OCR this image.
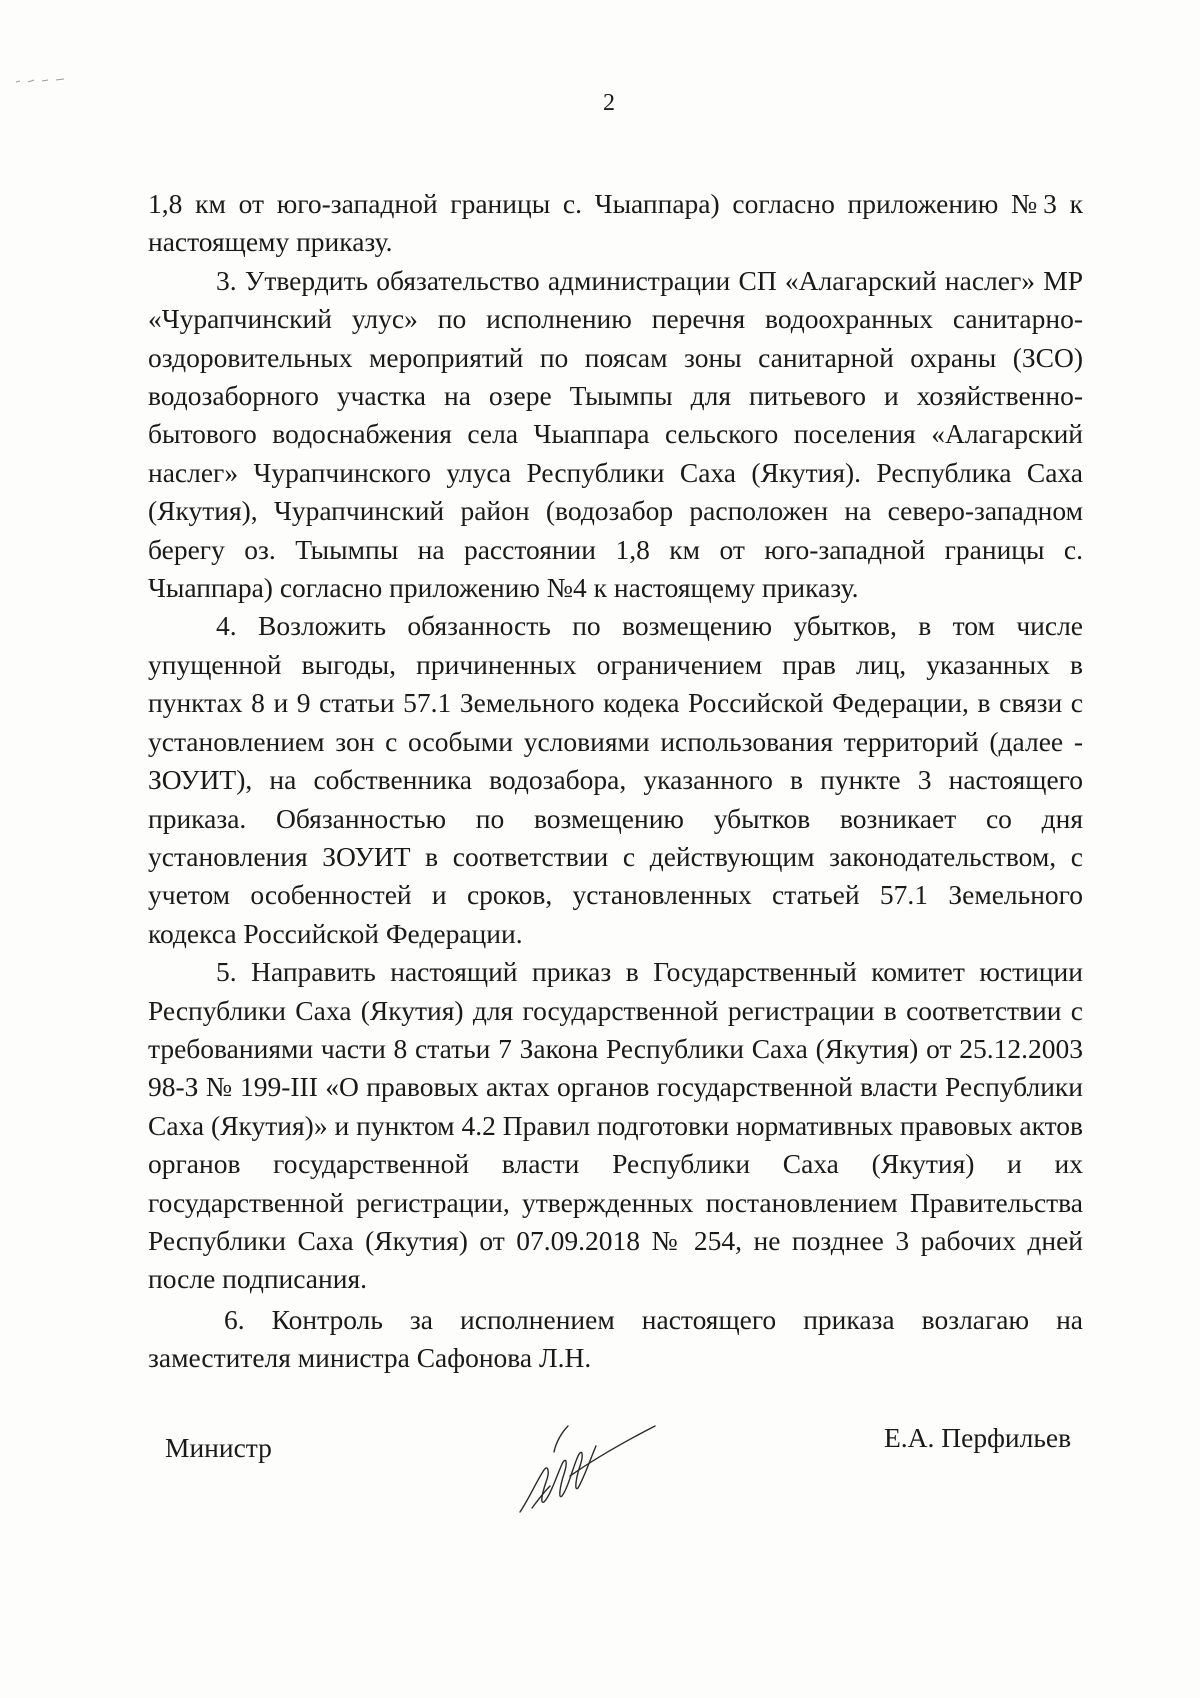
2

1,8 км от юго-западной границы с. Чыаппара) согласно приложению №3 к настоящему приказу.

3. Утвердить обязательство администрации СП «Алагарский наслег» МР «Чурапчинский улус» по исполнению перечня водоохранных санитарно-оздоровительных мероприятий по поясам зоны санитарной охраны (ЗСО) водозаборного участка на озере Тыымпы для питьевого и хозяйственно-бытового водоснабжения села Чыаппара сельского поселения «Алагарский наслег» Чурапчинского улуса Республики Саха (Якутия). Республика Саха (Якутия), Чурапчинский район (водозабор расположен на северо-западном берегу оз. Тыымпы на расстоянии 1,8 км от юго-западной границы с. Чыаппара) согласно приложению №4 к настоящему приказу.

4. Возложить обязанность по возмещению убытков, в том числе упущенной выгоды, причиненных ограничением прав лиц, указанных в пунктах 8 и 9 статьи 57.1 Земельного кодека Российской Федерации, в связи с установлением зон с особыми условиями использования территорий (далее - ЗОУИТ), на собственника водозабора, указанного в пункте 3 настоящего приказа. Обязанностью по возмещению убытков возникает со дня установления ЗОУИТ в соответствии с действующим законодательством, с учетом особенностей и сроков, установленных статьей 57.1 Земельного кодекса Российской Федерации.

5. Направить настоящий приказ в Государственный комитет юстиции Республики Саха (Якутия) для государственной регистрации в соответствии с требованиями части 8 статьи 7 Закона Республики Саха (Якутия) от 25.12.2003 98-З № 199-III «О правовых актах органов государственной власти Республики Саха (Якутия)» и пунктом 4.2 Правил подготовки нормативных правовых актов органов государственной власти Республики Саха (Якутия) и их государственной регистрации, утвержденных постановлением Правительства Республики Саха (Якутия) от 07.09.2018 № 254, не позднее 3 рабочих дней после подписания.

6. Контроль за исполнением настоящего приказа возлагаю на заместителя министра Сафонова Л.Н.

Министр	Е.А. Перфильев
